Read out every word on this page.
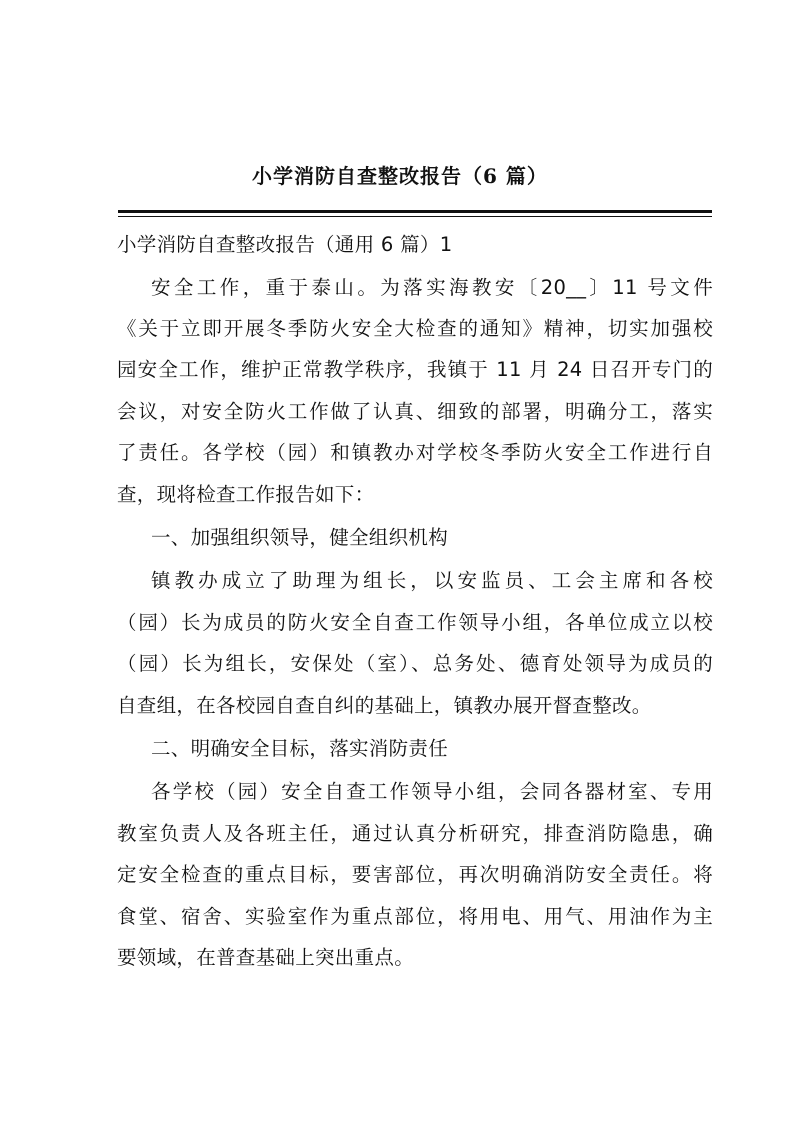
小学消防自查整改报告（6 篇）
小学消防自查整改报告（通用 6 篇）1
安全工作，重于泰山。为落实海教安〔20__〕11 号文件
《关于立即开展冬季防火安全大检查的通知》精神，切实加强校
园安全工作，维护正常教学秩序，我镇于 11 月 24 日召开专门的
会议，对安全防火工作做了认真、细致的部署，明确分工，落实
了责任。各学校（园）和镇教办对学校冬季防火安全工作进行自
查，现将检查工作报告如下：
一、加强组织领导，健全组织机构
镇教办成立了助理为组长，以安监员、工会主席和各校
（园）长为成员的防火安全自查工作领导小组，各单位成立以校
（园）长为组长，安保处（室）、总务处、德育处领导为成员的
自查组，在各校园自查自纠的基础上，镇教办展开督查整改。
二、明确安全目标，落实消防责任
各学校（园）安全自查工作领导小组，会同各器材室、专用
教室负责人及各班主任，通过认真分析研究，排查消防隐患，确
定安全检查的重点目标，要害部位，再次明确消防安全责任。将
食堂、宿舍、实验室作为重点部位，将用电、用气、用油作为主
要领域，在普查基础上突出重点。
